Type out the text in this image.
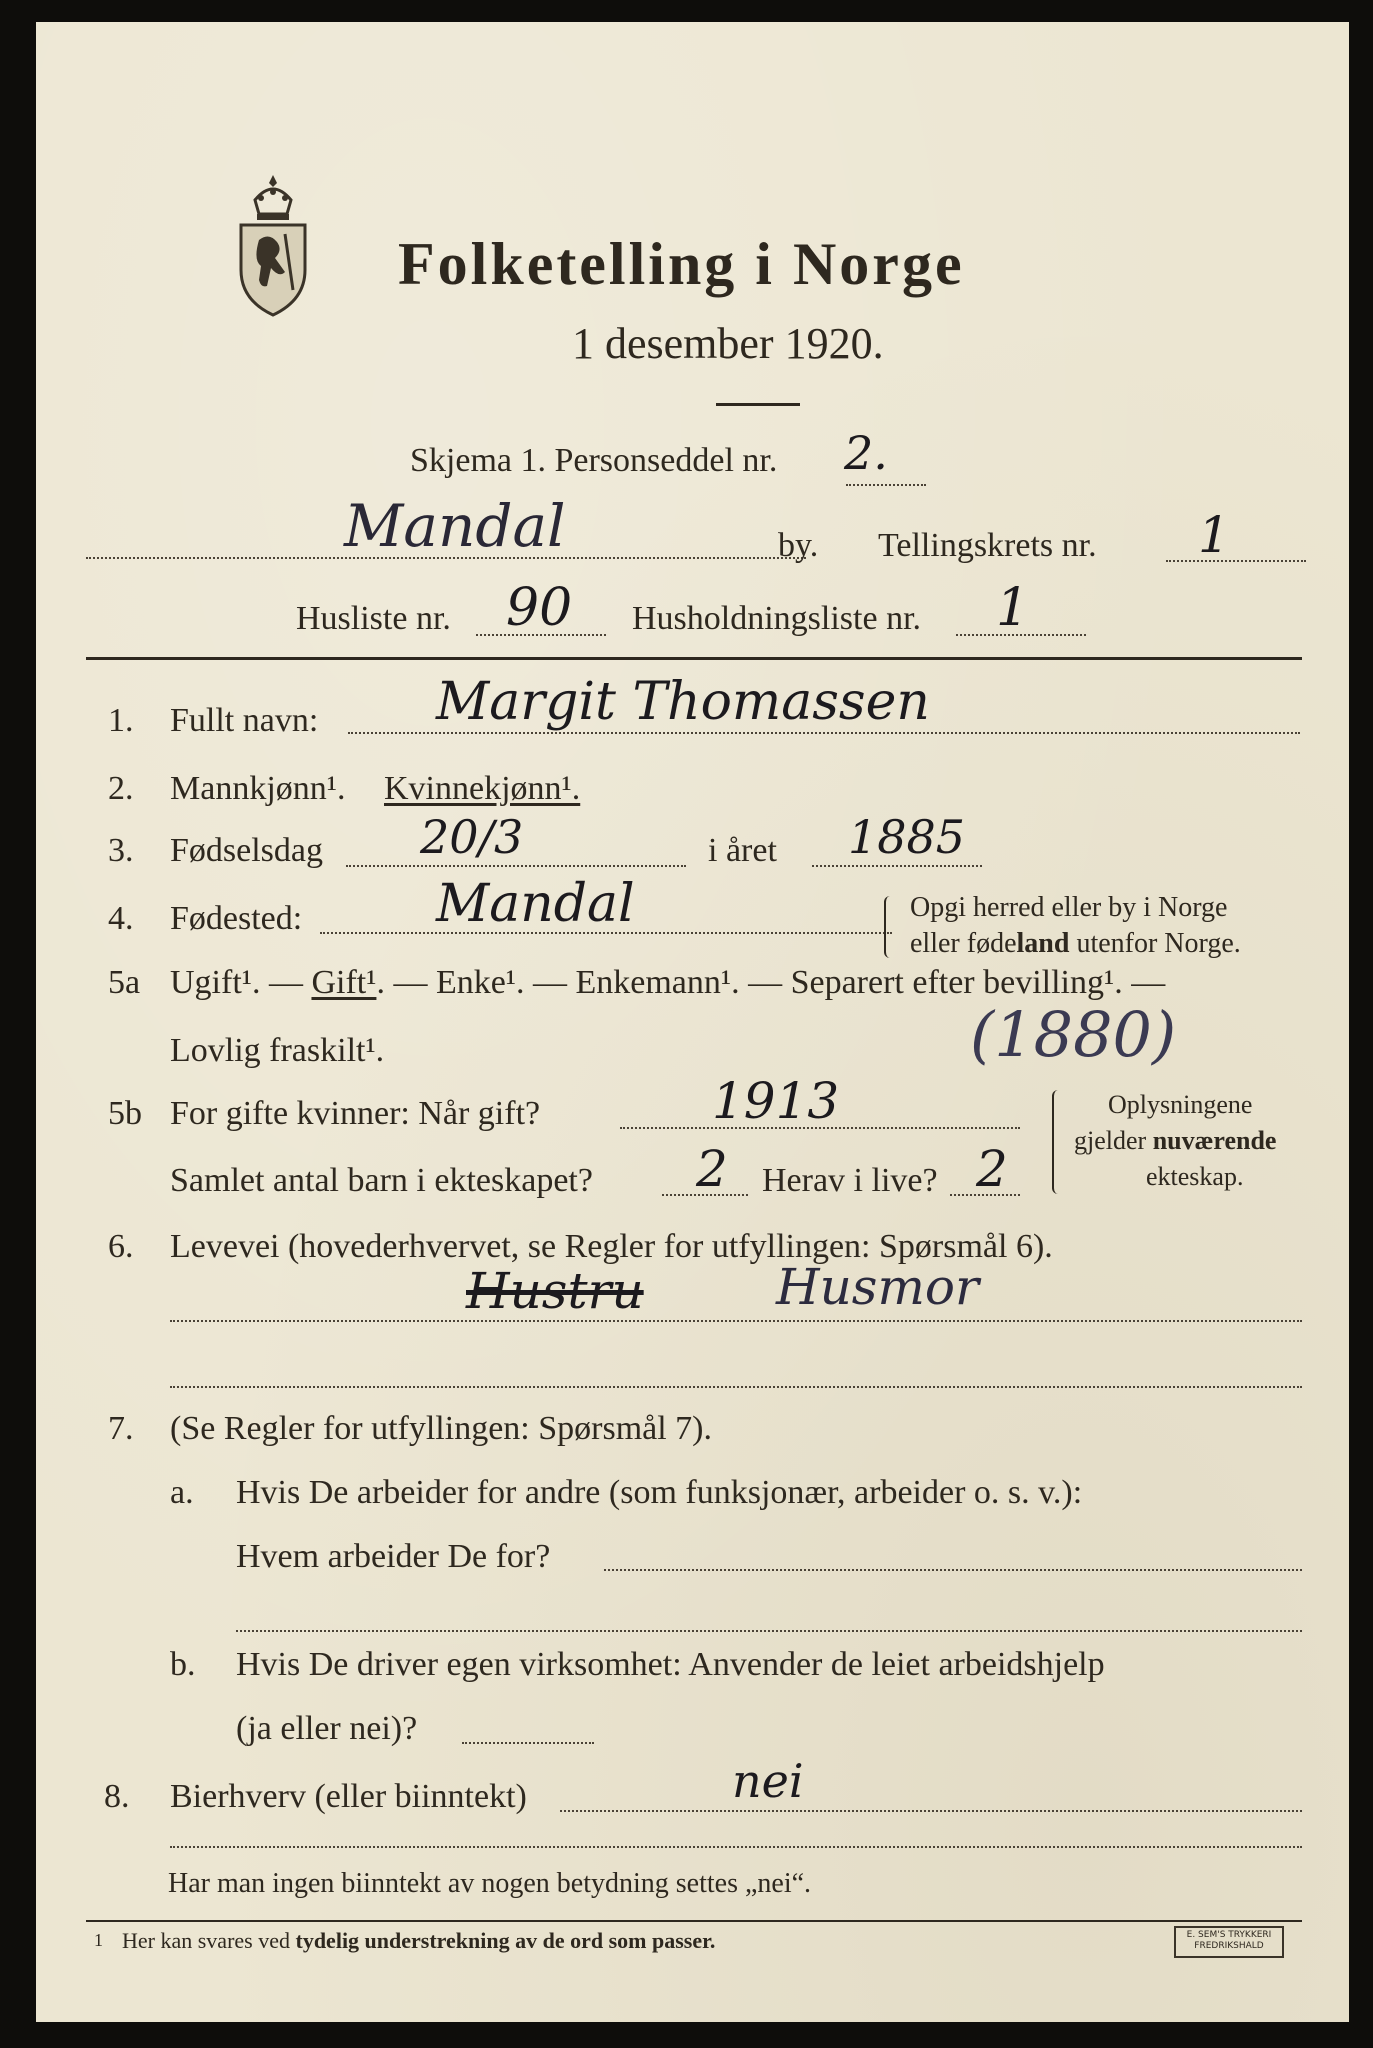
Folketelling i Norge
1 desember 1920.
Skjema 1. Personseddel nr. 2.
Mandal	by. Tellingskrets nr. 1
Husliste nr. 90 Husholdningsliste nr. 1
1. Fullt navn: Margit Thomassen
2. Mannkjønn¹. Kvinnekjønn¹.
3. Fødselsdag 20/3	i året 1885
4. Fødested:	Mandal	Opgi herred eller by i Norge
eller fødeland utenfor Norge.
5a Ugift¹. — Gift¹. — Enke¹. — Enkemann¹. — Separert efter bevilling¹. —
Lovlig fraskilt¹.	(1880)
5b For gifte kvinner: Når gift?	1913
Samlet antal barn i ekteskapet? 2 Herav i live? 2
Oplysningene
gjelder nuværende
ekteskap.
6. Levevei (hovederhvervet, se Regler for utfyllingen: Spørsmål 6).
Hustru	Husmor
7. (Se Regler for utfyllingen: Spørsmål 7).
a. Hvis De arbeider for andre (som funksjonær, arbeider o. s. v.):
Hvem arbeider De for?
b. Hvis De driver egen virksomhet: Anvender de leiet arbeidshjelp
(ja eller nei)?
8. Bierhverv (eller biinntekt)	nei
Har man ingen biinntekt av nogen betydning settes „nei“.
1 Her kan svares ved tydelig understrekning av de ord som passer.	E. SEM'S TRYKKERI
FREDRIKSHALD
